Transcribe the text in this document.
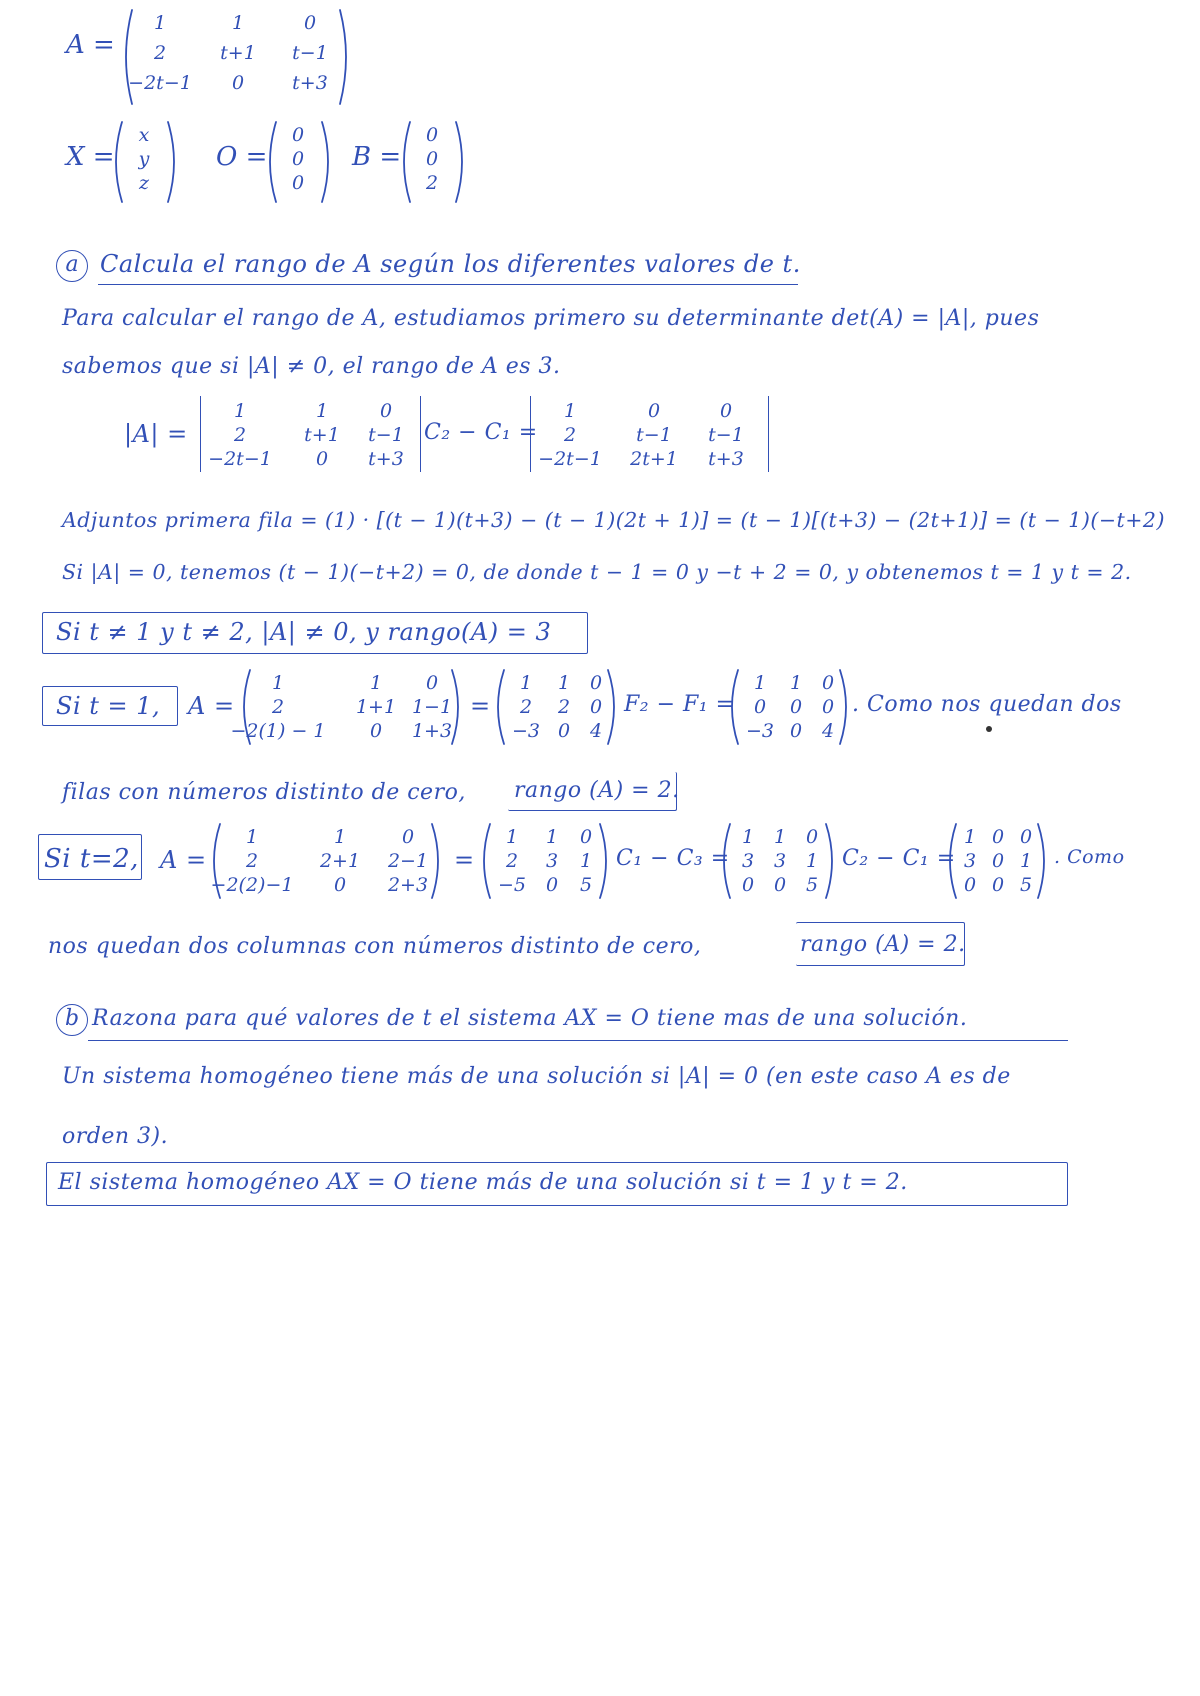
A =
1	1	0
2	t+1 t−1
−2t−1 0	t+3
X =
x
y
z
O =
0
0
0
B =
0
0
2
a Calcula el rango de A según los diferentes valores de t.
Para calcular el rango de A, estudiamos primero su determinante det(A) = |A|, pues
sabemos que si |A| ≠ 0, el rango de A es 3.
|A| =
1	1	0
2	t+1 t−1
−2t−1 0 t+3
C₂ − C₁ =
1	0	0
2	t−1 t−1
−2t−1 2t+1 t+3
Adjuntos primera fila = (1) · [(t − 1)(t+3) − (t − 1)(2t + 1)] = (t − 1)[(t+3) − (2t+1)] = (t − 1)(−t+2)
Si |A| = 0, tenemos (t − 1)(−t+2) = 0, de donde t − 1 = 0 y −t + 2 = 0, y obtenemos t = 1 y t = 2.
Si t ≠ 1 y t ≠ 2, |A| ≠ 0, y rango(A) = 3
Si t = 1, A =
1	1 0
2	1+1 1−1
−2(1) − 1 0 1+3
=
1 1 0
2 2 0
−3 0 4
F₂ − F₁ =
1 1 0
0 0 0
−3 0 4
. Como nos quedan dos
filas con números distinto de cero, rango (A) = 2.
Si t=2, A =
1	1	0
2	2+1 2−1
−2(2)−1 0 2+3
=
1 1 0
2 3 1
−5 0 5
C₁ − C₃ =
1 1 0
3 3 1
0 0 5
C₂ − C₁ =
1 0 0
3 0 1
0 0 5
. Como
nos quedan dos columnas con números distinto de cero,	rango (A) = 2.
b Razona para qué valores de t el sistema AX = O tiene mas de una solución.
Un sistema homogéneo tiene más de una solución si |A| = 0 (en este caso A es de
orden 3).
El sistema homogéneo AX = O tiene más de una solución si t = 1 y t = 2.
